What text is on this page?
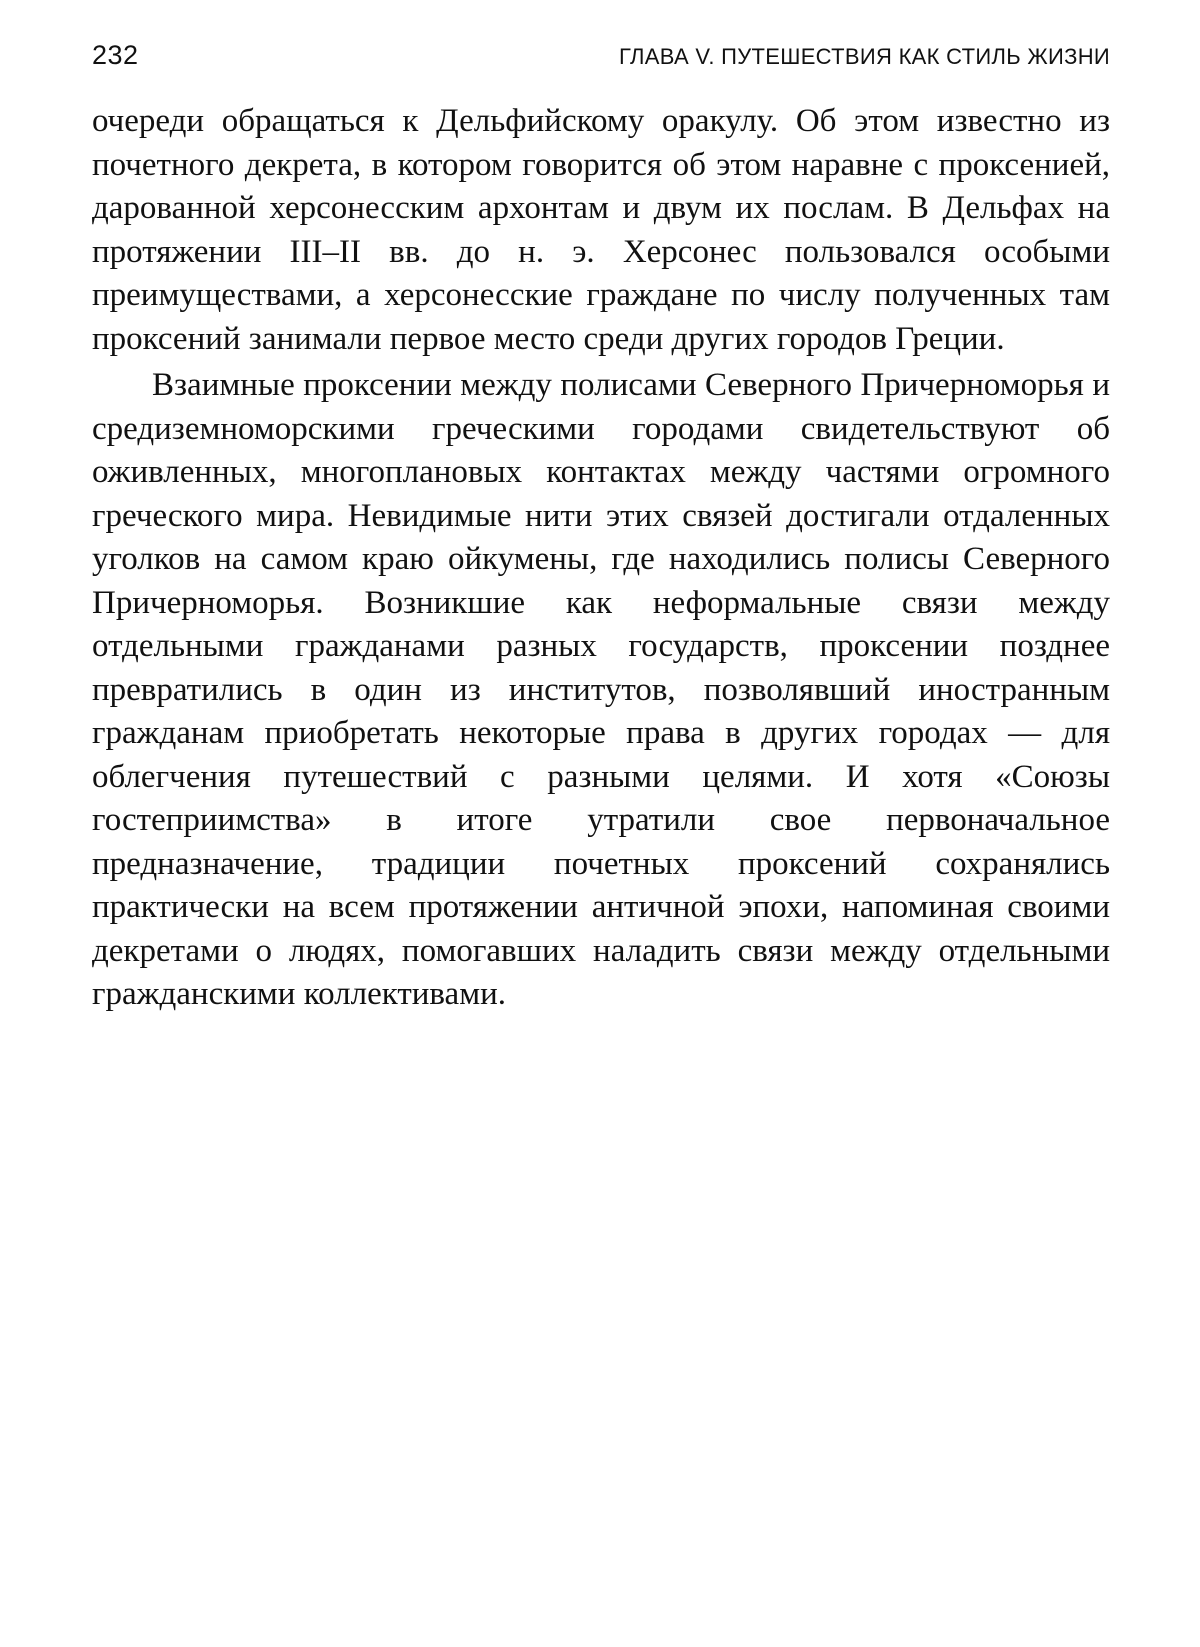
232	ГЛАВА V. ПУТЕШЕСТВИЯ КАК СТИЛЬ ЖИЗНИ

очереди обращаться к Дельфийскому оракулу. Об этом известно из почетного декрета, в котором говорится об этом наравне с проксенией, дарованной херсонесским архонтам и двум их послам. В Дельфах на протяжении III–II вв. до н. э. Херсонес пользовался особыми преимуществами, а херсонесские граждане по числу полученных там проксений занимали первое место среди других городов Греции.

Взаимные проксении между полисами Северного Причерноморья и средиземноморскими греческими городами свидетельствуют об оживленных, многоплановых контактах между частями огромного греческого мира. Невидимые нити этих связей достигали отдаленных уголков на самом краю ойкумены, где находились полисы Северного Причерноморья. Возникшие как неформальные связи между отдельными гражданами разных государств, проксении позднее превратились в один из институтов, позволявший иностранным гражданам приобретать некоторые права в других городах — для облегчения путешествий с разными целями. И хотя «Союзы гостеприимства» в итоге утратили свое первоначальное предназначение, традиции почетных проксений сохранялись практически на всем протяжении античной эпохи, напоминая своими декретами о людях, помогавших наладить связи между отдельными гражданскими коллективами.
